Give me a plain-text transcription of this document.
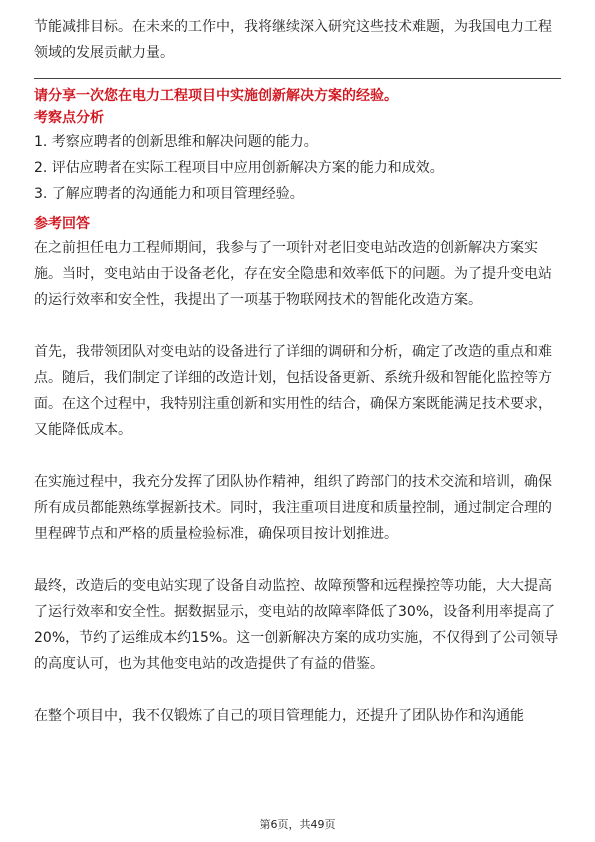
节能减排目标。在未来的工作中，我将继续深入研究这些技术难题，为我国电力工程领域的发展贡献力量。

请分享一次您在电力工程项目中实施创新解决方案的经验。
考察点分析
1. 考察应聘者的创新思维和解决问题的能力。
2. 评估应聘者在实际工程项目中应用创新解决方案的能力和成效。
3. 了解应聘者的沟通能力和项目管理经验。
参考回答

在之前担任电力工程师期间，我参与了一项针对老旧变电站改造的创新解决方案实施。当时，变电站由于设备老化，存在安全隐患和效率低下的问题。为了提升变电站的运行效率和安全性，我提出了一项基于物联网技术的智能化改造方案。

首先，我带领团队对变电站的设备进行了详细的调研和分析，确定了改造的重点和难点。随后，我们制定了详细的改造计划，包括设备更新、系统升级和智能化监控等方面。在这个过程中，我特别注重创新和实用性的结合，确保方案既能满足技术要求，又能降低成本。

在实施过程中，我充分发挥了团队协作精神，组织了跨部门的技术交流和培训，确保所有成员都能熟练掌握新技术。同时，我注重项目进度和质量控制，通过制定合理的里程碑节点和严格的质量检验标准，确保项目按计划推进。

最终，改造后的变电站实现了设备自动监控、故障预警和远程操控等功能，大大提高了运行效率和安全性。据数据显示，变电站的故障率降低了30%，设备利用率提高了20%，节约了运维成本约15%。这一创新解决方案的成功实施，不仅得到了公司领导的高度认可，也为其他变电站的改造提供了有益的借鉴。

在整个项目中，我不仅锻炼了自己的项目管理能力，还提升了团队协作和沟通能

第6页，共49页
